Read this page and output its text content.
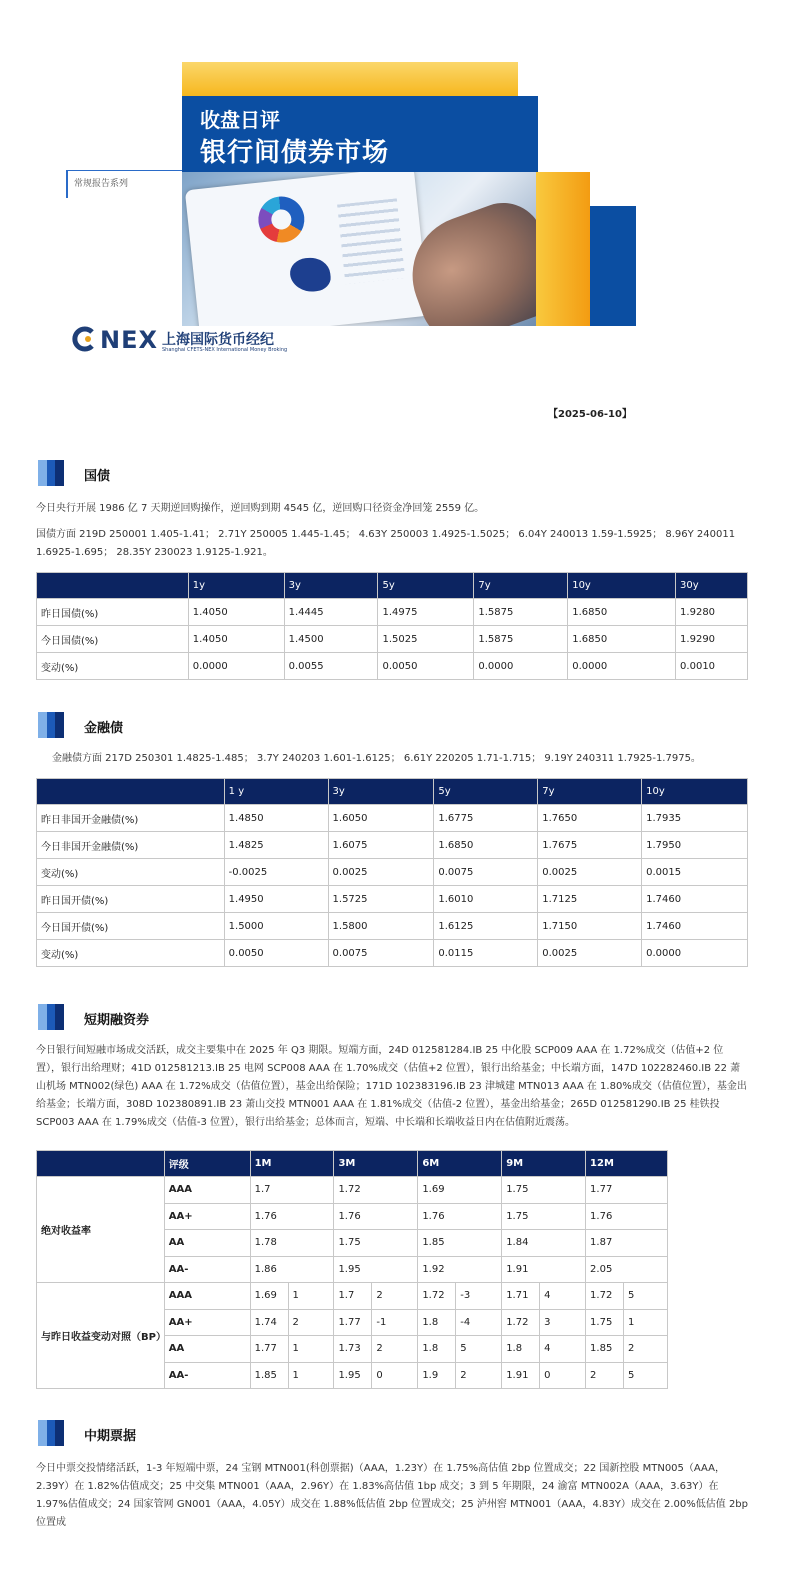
收盘日评
银行间债券市场
常规报告系列
NEX 上海国际货币经纪
Shanghai CFETS-NEX International Money Broking
【2025-06-10】
国债
今日央行开展 1986 亿 7 天期逆回购操作，逆回购到期 4545 亿，逆回购口径资金净回笼 2559 亿。
国债方面 219D 250001 1.405-1.41； 2.71Y 250005 1.445-1.45； 4.63Y 250003 1.4925-1.5025； 6.04Y 240013 1.59-1.5925； 8.96Y 240011 1.6925-1.695； 28.35Y 230023 1.9125-1.921。
	1y	3y	5y	7y	10y	30y
昨日国债(%)	1.4050	1.4445	1.4975	1.5875	1.6850	1.9280
今日国债(%)	1.4050	1.4500	1.5025	1.5875	1.6850	1.9290
变动(%)	0.0000	0.0055	0.0050	0.0000	0.0000	0.0010
金融债
金融债方面 217D 250301 1.4825-1.485； 3.7Y 240203 1.601-1.6125； 6.61Y 220205 1.71-1.715； 9.19Y 240311 1.7925-1.7975。
	1 y	3y	5y	7y	10y
昨日非国开金融债(%)	1.4850	1.6050	1.6775	1.7650	1.7935
今日非国开金融债(%)	1.4825	1.6075	1.6850	1.7675	1.7950
变动(%)	-0.0025	0.0025	0.0075	0.0025	0.0015
昨日国开债(%)	1.4950	1.5725	1.6010	1.7125	1.7460
今日国开债(%)	1.5000	1.5800	1.6125	1.7150	1.7460
变动(%)	0.0050	0.0075	0.0115	0.0025	0.0000
短期融资券
今日银行间短融市场成交活跃，成交主要集中在 2025 年 Q3 期限。短端方面，24D 012581284.IB 25 中化股 SCP009 AAA 在 1.72%成交（估值+2 位置），银行出给理财；41D 012581213.IB 25 电网 SCP008 AAA 在 1.70%成交（估值+2 位置），银行出给基金；中长端方面，147D 102282460.IB 22 萧山机场 MTN002(绿色) AAA 在 1.72%成交（估值位置），基金出给保险；171D 102383196.IB 23 津城建 MTN013 AAA 在 1.80%成交（估值位置），基金出给基金；长端方面，308D 102380891.IB 23 萧山交投 MTN001 AAA 在 1.81%成交（估值-2 位置），基金出给基金；265D 012581290.IB 25 桂铁投 SCP003 AAA 在 1.79%成交（估值-3 位置），银行出给基金；总体而言，短端、中长端和长端收益日内在估值附近震荡。
	评级	1M		3M		6M		9M		12M	
绝对收益率	AAA	1.7		1.72		1.69		1.75		1.77	
	AA+	1.76		1.76		1.76		1.75		1.76	
	AA	1.78		1.75		1.85		1.84		1.87	
	AA-	1.86		1.95		1.92		1.91		2.05	
与昨日收益变动对照（BP）	AAA	1.69	1	1.7	2	1.72	-3	1.71	4	1.72	5
	AA+	1.74	2	1.77	-1	1.8	-4	1.72	3	1.75	1
	AA	1.77	1	1.73	2	1.8	5	1.8	4	1.85	2
	AA-	1.85	1	1.95	0	1.9	2	1.91	0	2	5
中期票据
今日中票交投情绪活跃，1-3 年短端中票，24 宝钢 MTN001(科创票据)（AAA，1.23Y）在 1.75%高估值 2bp 位置成交；22 国新控股 MTN005（AAA，2.39Y）在 1.82%估值成交；25 中交集 MTN001（AAA，2.96Y）在 1.83%高估值 1bp 成交；3 到 5 年期限，24 渝富 MTN002A（AAA，3.63Y）在 1.97%估值成交；24 国家管网 GN001（AAA，4.05Y）成交在 1.88%低估值 2bp 位置成交；25 泸州窖 MTN001（AAA，4.83Y）成交在 2.00%低估值 2bp 位置成
